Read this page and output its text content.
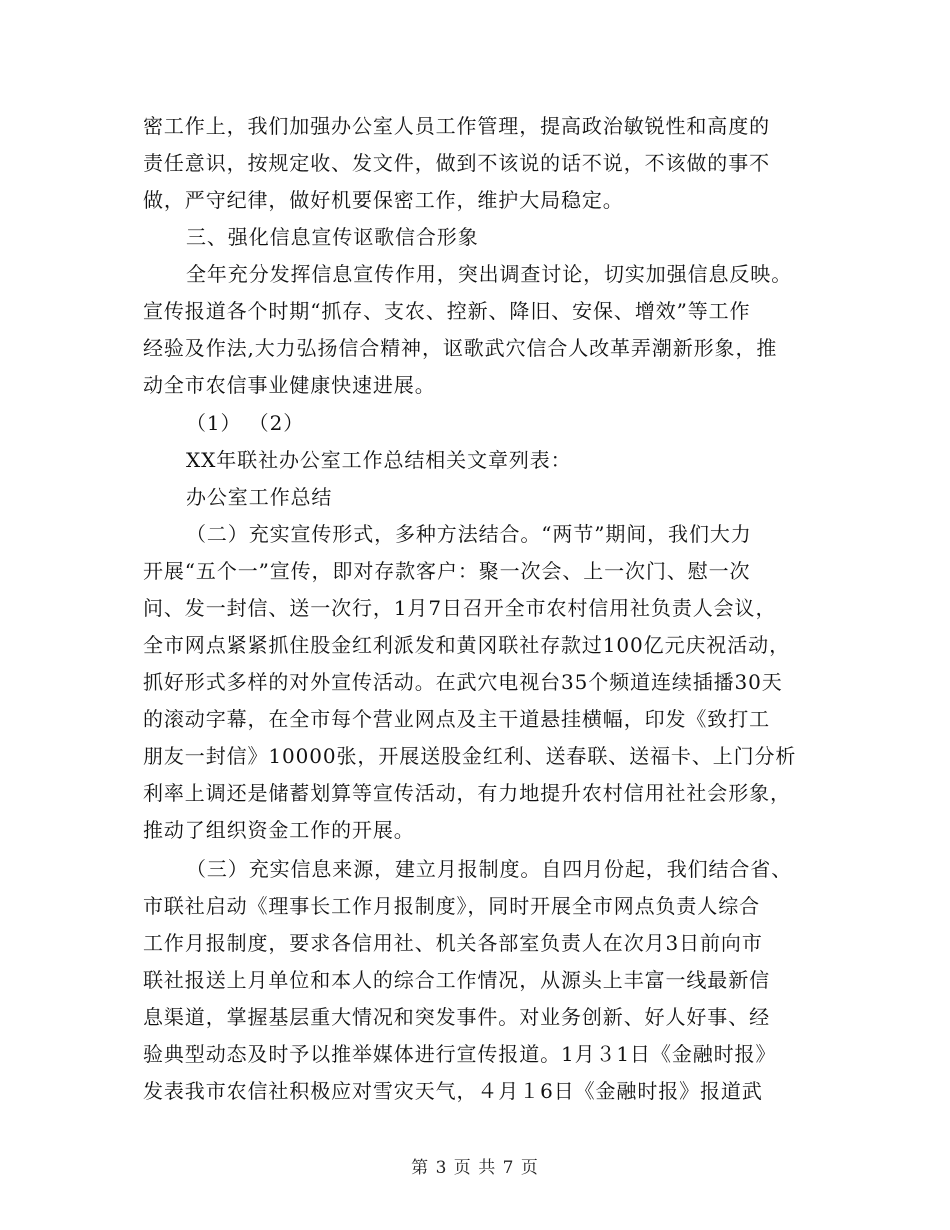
密工作上，我们加强办公室人员工作管理，提高政治敏锐性和高度的
责任意识，按规定收、发文件，做到不该说的话不说，不该做的事不
做，严守纪律，做好机要保密工作，维护大局稳定。
三、强化信息宣传讴歌信合形象
全年充分发挥信息宣传作用，突出调查讨论，切实加强信息反映。
宣传报道各个时期“抓存、支农、控新、降旧、安保、增效”等工作
经验及作法,大力弘扬信合精神，讴歌武穴信合人改革弄潮新形象，推
动全市农信事业健康快速进展。
（1） （2）
XX年联社办公室工作总结相关文章列表：
办公室工作总结
（二）充实宣传形式，多种方法结合。“两节”期间，我们大力
开展“五个一”宣传，即对存款客户：聚一次会、上一次门、慰一次
问、发一封信、送一次行，1月7日召开全市农村信用社负责人会议，
全市网点紧紧抓住股金红利派发和黄冈联社存款过100亿元庆祝活动，
抓好形式多样的对外宣传活动。在武穴电视台35个频道连续插播30天
的滚动字幕，在全市每个营业网点及主干道悬挂横幅，印发《致打工
朋友一封信》10000张，开展送股金红利、送春联、送福卡、上门分析
利率上调还是储蓄划算等宣传活动，有力地提升农村信用社社会形象，
推动了组织资金工作的开展。
（三）充实信息来源，建立月报制度。自四月份起，我们结合省、
市联社启动《理事长工作月报制度》，同时开展全市网点负责人综合
工作月报制度，要求各信用社、机关各部室负责人在次月3日前向市
联社报送上月单位和本人的综合工作情况，从源头上丰富一线最新信
息渠道，掌握基层重大情况和突发事件。对业务创新、好人好事、经
验典型动态及时予以推举媒体进行宣传报道。1月３1日《金融时报》
发表我市农信社积极应对雪灾天气，４月１6日《金融时报》报道武
第 3 页 共 7 页
